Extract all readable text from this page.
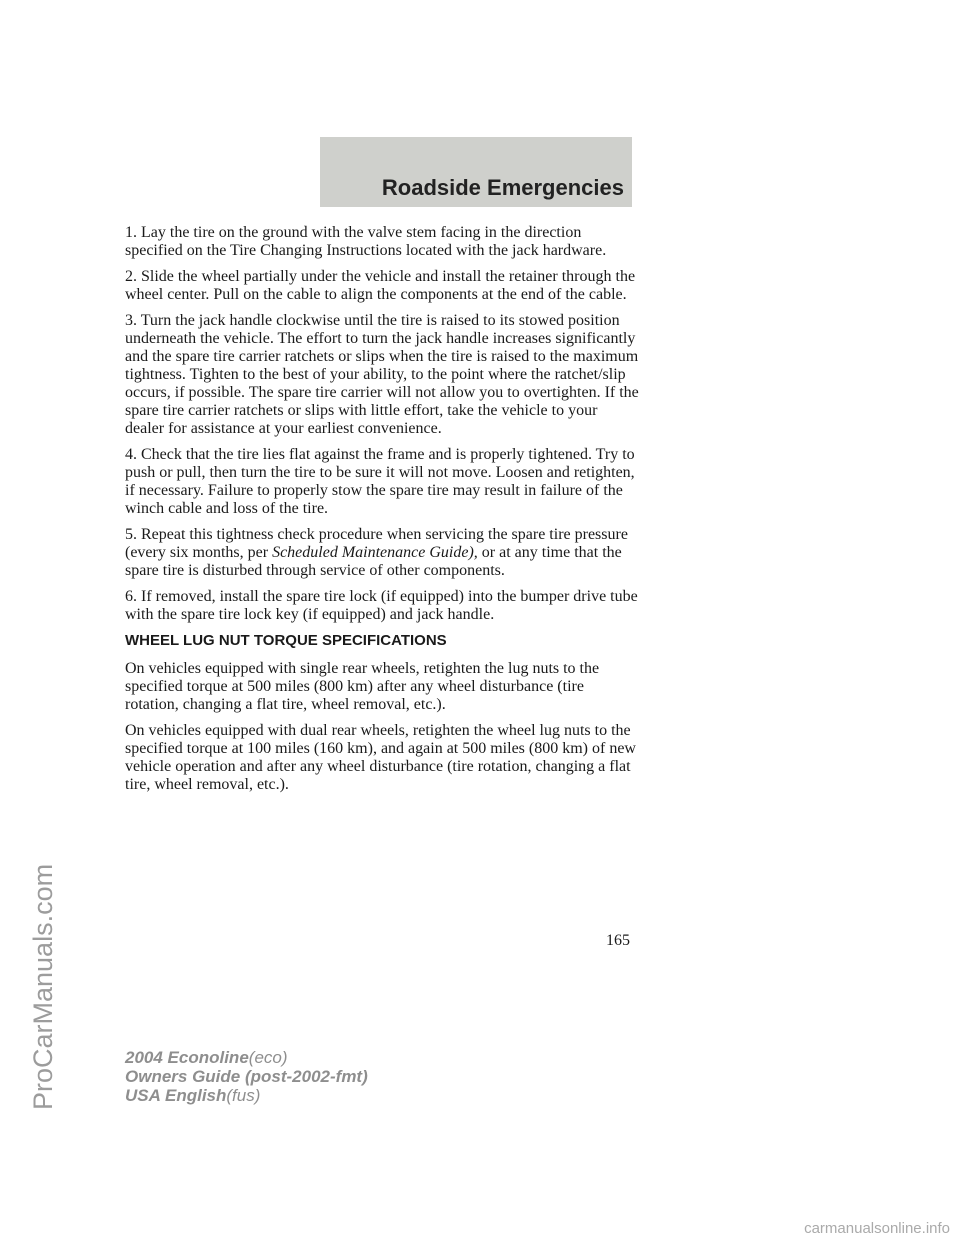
Roadside Emergencies
ProCarManuals.com

1. Lay the tire on the ground with the valve stem facing in the direction specified on the Tire Changing Instructions located with the jack hardware.

2. Slide the wheel partially under the vehicle and install the retainer through the wheel center. Pull on the cable to align the components at the end of the cable.

3. Turn the jack handle clockwise until the tire is raised to its stowed position underneath the vehicle. The effort to turn the jack handle increases significantly and the spare tire carrier ratchets or slips when the tire is raised to the maximum tightness. Tighten to the best of your ability, to the point where the ratchet/slip occurs, if possible. The spare tire carrier will not allow you to overtighten. If the spare tire carrier ratchets or slips with little effort, take the vehicle to your dealer for assistance at your earliest convenience.

4. Check that the tire lies flat against the frame and is properly tightened. Try to push or pull, then turn the tire to be sure it will not move. Loosen and retighten, if necessary. Failure to properly stow the spare tire may result in failure of the winch cable and loss of the tire.

5. Repeat this tightness check procedure when servicing the spare tire pressure (every six months, per Scheduled Maintenance Guide), or at any time that the spare tire is disturbed through service of other components.

6. If removed, install the spare tire lock (if equipped) into the bumper drive tube with the spare tire lock key (if equipped) and jack handle.

WHEEL LUG NUT TORQUE SPECIFICATIONS

On vehicles equipped with single rear wheels, retighten the lug nuts to the specified torque at 500 miles (800 km) after any wheel disturbance (tire rotation, changing a flat tire, wheel removal, etc.).

On vehicles equipped with dual rear wheels, retighten the wheel lug nuts to the specified torque at 100 miles (160 km), and again at 500 miles (800 km) of new vehicle operation and after any wheel disturbance (tire rotation, changing a flat tire, wheel removal, etc.).

165
2004 Econoline(eco)
Owners Guide (post-2002-fmt)
USA English(fus)
carmanualsonline.info
